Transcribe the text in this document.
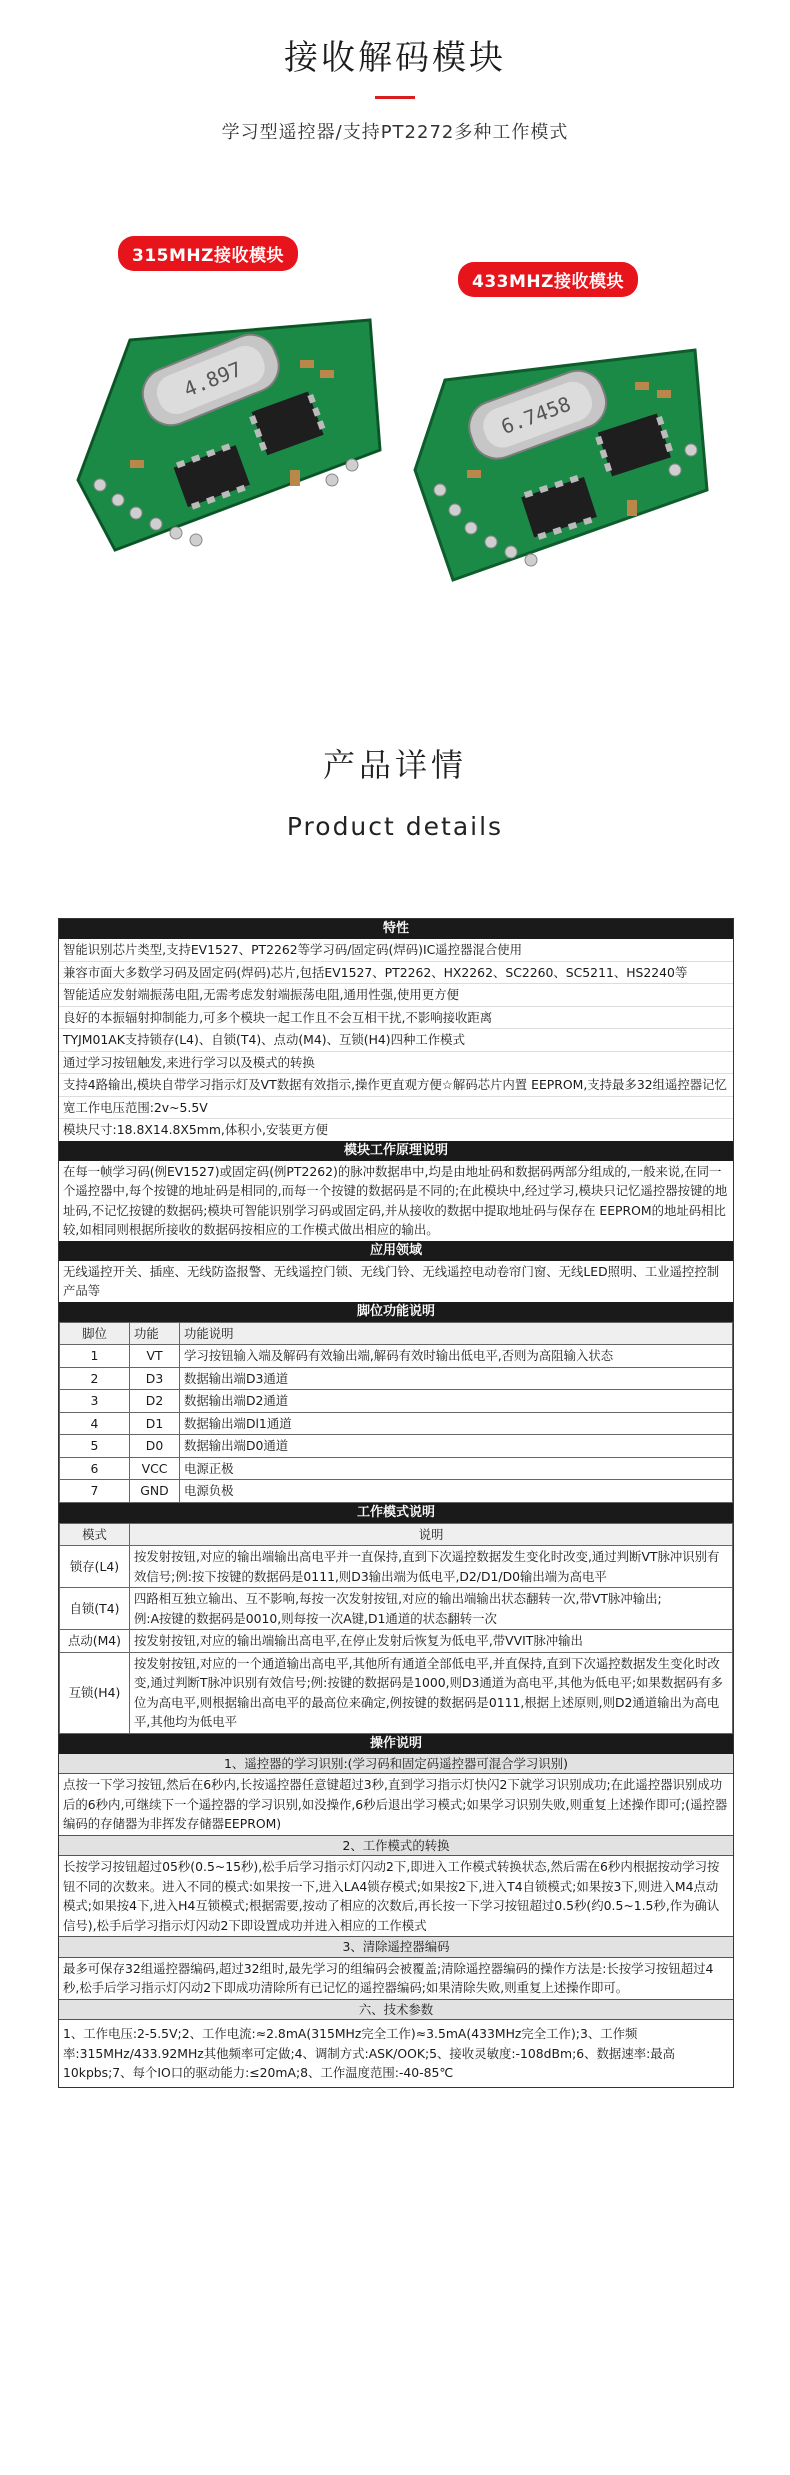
接收解码模块
学习型遥控器/支持PT2272多种工作模式
315MHZ接收模块
433MHZ接收模块
4.897
6.7458
产品详情
Product details
特性
智能识别芯片类型,支持EV1527、PT2262等学习码/固定码(焊码)IC遥控器混合使用
兼容市面大多数学习码及固定码(焊码)芯片,包括EV1527、PT2262、HX2262、SC2260、SC5211、HS2240等
智能适应发射端振荡电阻,无需考虑发射端振荡电阻,通用性强,使用更方便
良好的本振辐射抑制能力,可多个模块一起工作且不会互相干扰,不影响接收距离
TYJM01AK支持锁存(L4)、自锁(T4)、点动(M4)、互锁(H4)四种工作模式
通过学习按钮触发,来进行学习以及模式的转换
支持4路输出,模块自带学习指示灯及VT数据有效指示,操作更直观方便☆解码芯片内置 EEPROM,支持最多32组遥控器记忆
宽工作电压范围:2v~5.5V
模块尺寸:18.8X14.8X5mm,体积小,安装更方便
模块工作原理说明
在每一帧学习码(例EV1527)或固定码(例PT2262)的脉冲数据串中,均是由地址码和数据码两部分组成的,一般来说,在同一个遥控器中,每个按键的地址码是相同的,而每一个按键的数据码是不同的;在此模块中,经过学习,模块只记忆遥控器按键的地址码,不记忆按键的数据码;模块可智能识别学习码或固定码,并从接收的数据中提取地址码与保存在 EEPROM的地址码相比较,如相同则根据所接收的数据码按相应的工作模式做出相应的输出。
应用领域
无线遥控开关、插座、无线防盗报警、无线遥控门锁、无线门铃、无线遥控电动卷帘门窗、无线LED照明、工业遥控控制产品等
脚位功能说明
脚位	功能	功能说明
1	VT	学习按钮输入端及解码有效输出端,解码有效时输出低电平,否则为高阻输入状态
2	D3	数据输出端D3通道
3	D2	数据输出端D2通道
4	D1	数据输出端Dl1通道
5	D0	数据输出端D0通道
6	VCC	电源正极
7	GND	电源负极
工作模式说明
模式	说明
锁存(L4)	按发射按钮,对应的输出端输出高电平并一直保持,直到下次遥控数据发生变化时改变,通过判断VT脉冲识别有效信号;例:按下按键的数据码是0111,则D3输出端为低电平,D2/D1/D0输出端为高电平
自锁(T4)	四路相互独立输出、互不影响,每按一次发射按钮,对应的输出端输出状态翻转一次,带VT脉冲输出;
例:A按键的数据码是0010,则每按一次A键,D1通道的状态翻转一次
点动(M4)	按发射按钮,对应的输出端输出高电平,在停止发射后恢复为低电平,带VVIT脉冲输出
互锁(H4)	按发射按钮,对应的一个通道输出高电平,其他所有通道全部低电平,并直保持,直到下次遥控数据发生变化时改变,通过判断T脉冲识别有效信号;例:按键的数据码是1000,则D3通道为高电平,其他为低电平;如果数据码有多位为高电平,则根据输出高电平的最高位来确定,例按键的数据码是0111,根据上述原则,则D2通道输出为高电平,其他均为低电平
操作说明
1、遥控器的学习识别:(学习码和固定码遥控器可混合学习识别)
点按一下学习按钮,然后在6秒内,长按遥控器任意键超过3秒,直到学习指示灯快闪2下就学习识别成功;在此遥控器识别成功后的6秒内,可继续下一个遥控器的学习识别,如没操作,6秒后退出学习模式;如果学习识别失败,则重复上述操作即可;(遥控器编码的存储器为非挥发存储器EEPROM)
2、工作模式的转换
长按学习按钮超过05秒(0.5~15秒),松手后学习指示灯闪动2下,即进入工作模式转换状态,然后需在6秒内根据按动学习按钮不同的次数来。进入不同的模式:如果按一下,进入LA4锁存模式;如果按2下,进入T4自锁模式;如果按3下,则进入M4点动模式;如果按4下,进入H4互锁模式;根据需要,按动了相应的次数后,再长按一下学习按钮超过0.5秒(约0.5~1.5秒,作为确认信号),松手后学习指示灯闪动2下即设置成功并进入相应的工作模式
3、清除遥控器编码
最多可保存32组遥控器编码,超过32组时,最先学习的组编码会被覆盖;清除遥控器编码的操作方法是:长按学习按钮超过4秒,松手后学习指示灯闪动2下即成功清除所有已记忆的遥控器编码;如果清除失败,则重复上述操作即可。
六、技术参数
1、工作电压:2-5.5V;2、工作电流:≈2.8mA(315MHz完全工作)≈3.5mA(433MHz完全工作);3、工作频率:315MHz/433.92MHz其他频率可定做;4、调制方式:ASK/OOK;5、接收灵敏度:-108dBm;6、数据速率:最高10kpbs;7、每个IO口的驱动能力:≤20mA;8、工作温度范围:-40-85℃
